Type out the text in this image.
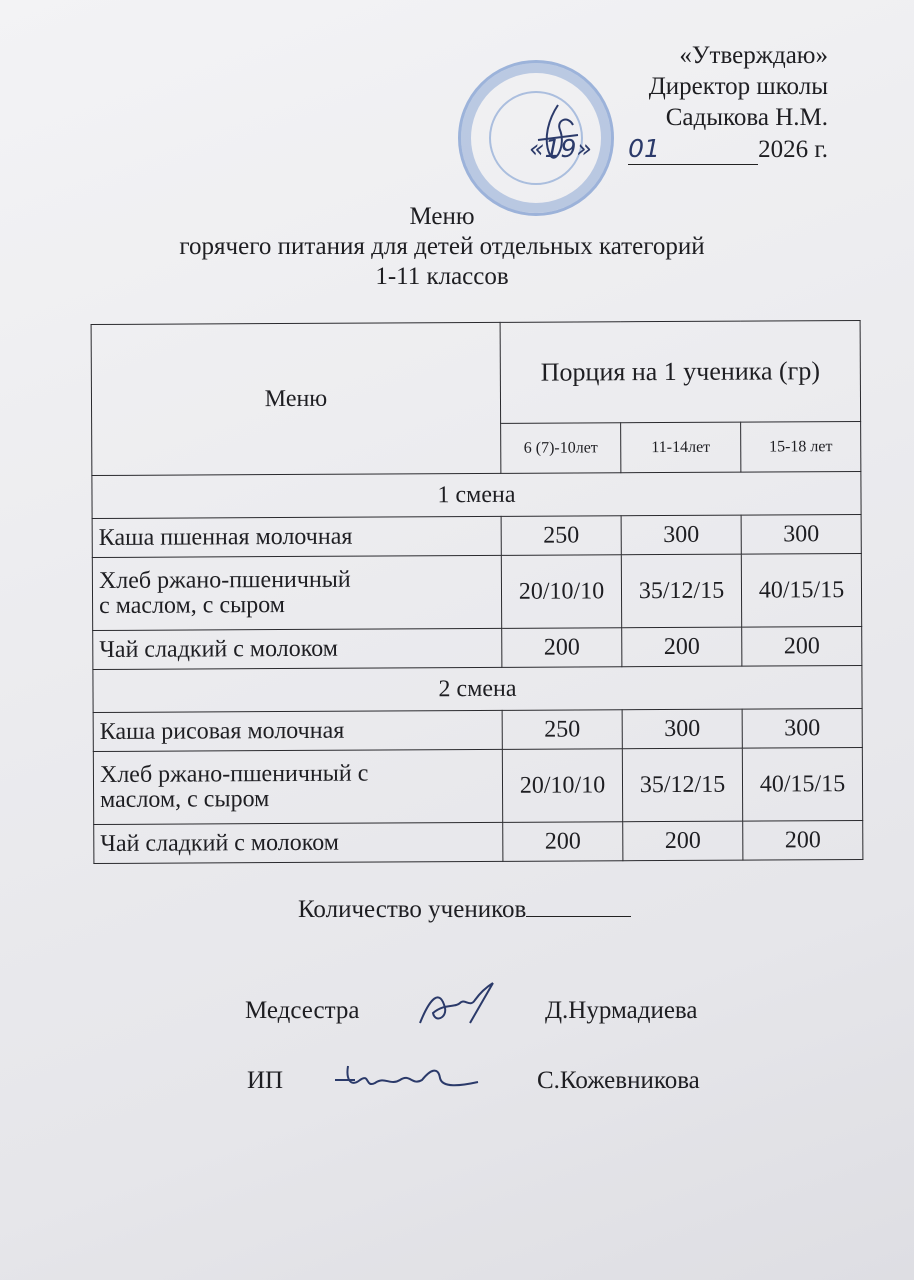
«Утверждаю»
Директор школы
Садыкова Н.М.
«19» 01	2026 г.
Меню
горячего питания для детей отдельных категорий
1-11 классов
Меню	Порция на 1 ученика (гр)		
	6 (7)-10лет	11-14лет	15-18 лет
1 смена			
Каша пшенная молочная	250	300	300

Хлеб ржано-пшеничный
с маслом, с сыром	20/10/10	35/12/15	40/15/15
Чай сладкий с молоком	200	200	200
2 смена			
Каша рисовая молочная	250	300	300

Хлеб ржано-пшеничный с
маслом, с сыром	20/10/10	35/12/15	40/15/15
Чай сладкий с молоком	200	200	200
Количество учеников
Медсестра	Д.Нурмадиева
ИП	С.Кожевникова
